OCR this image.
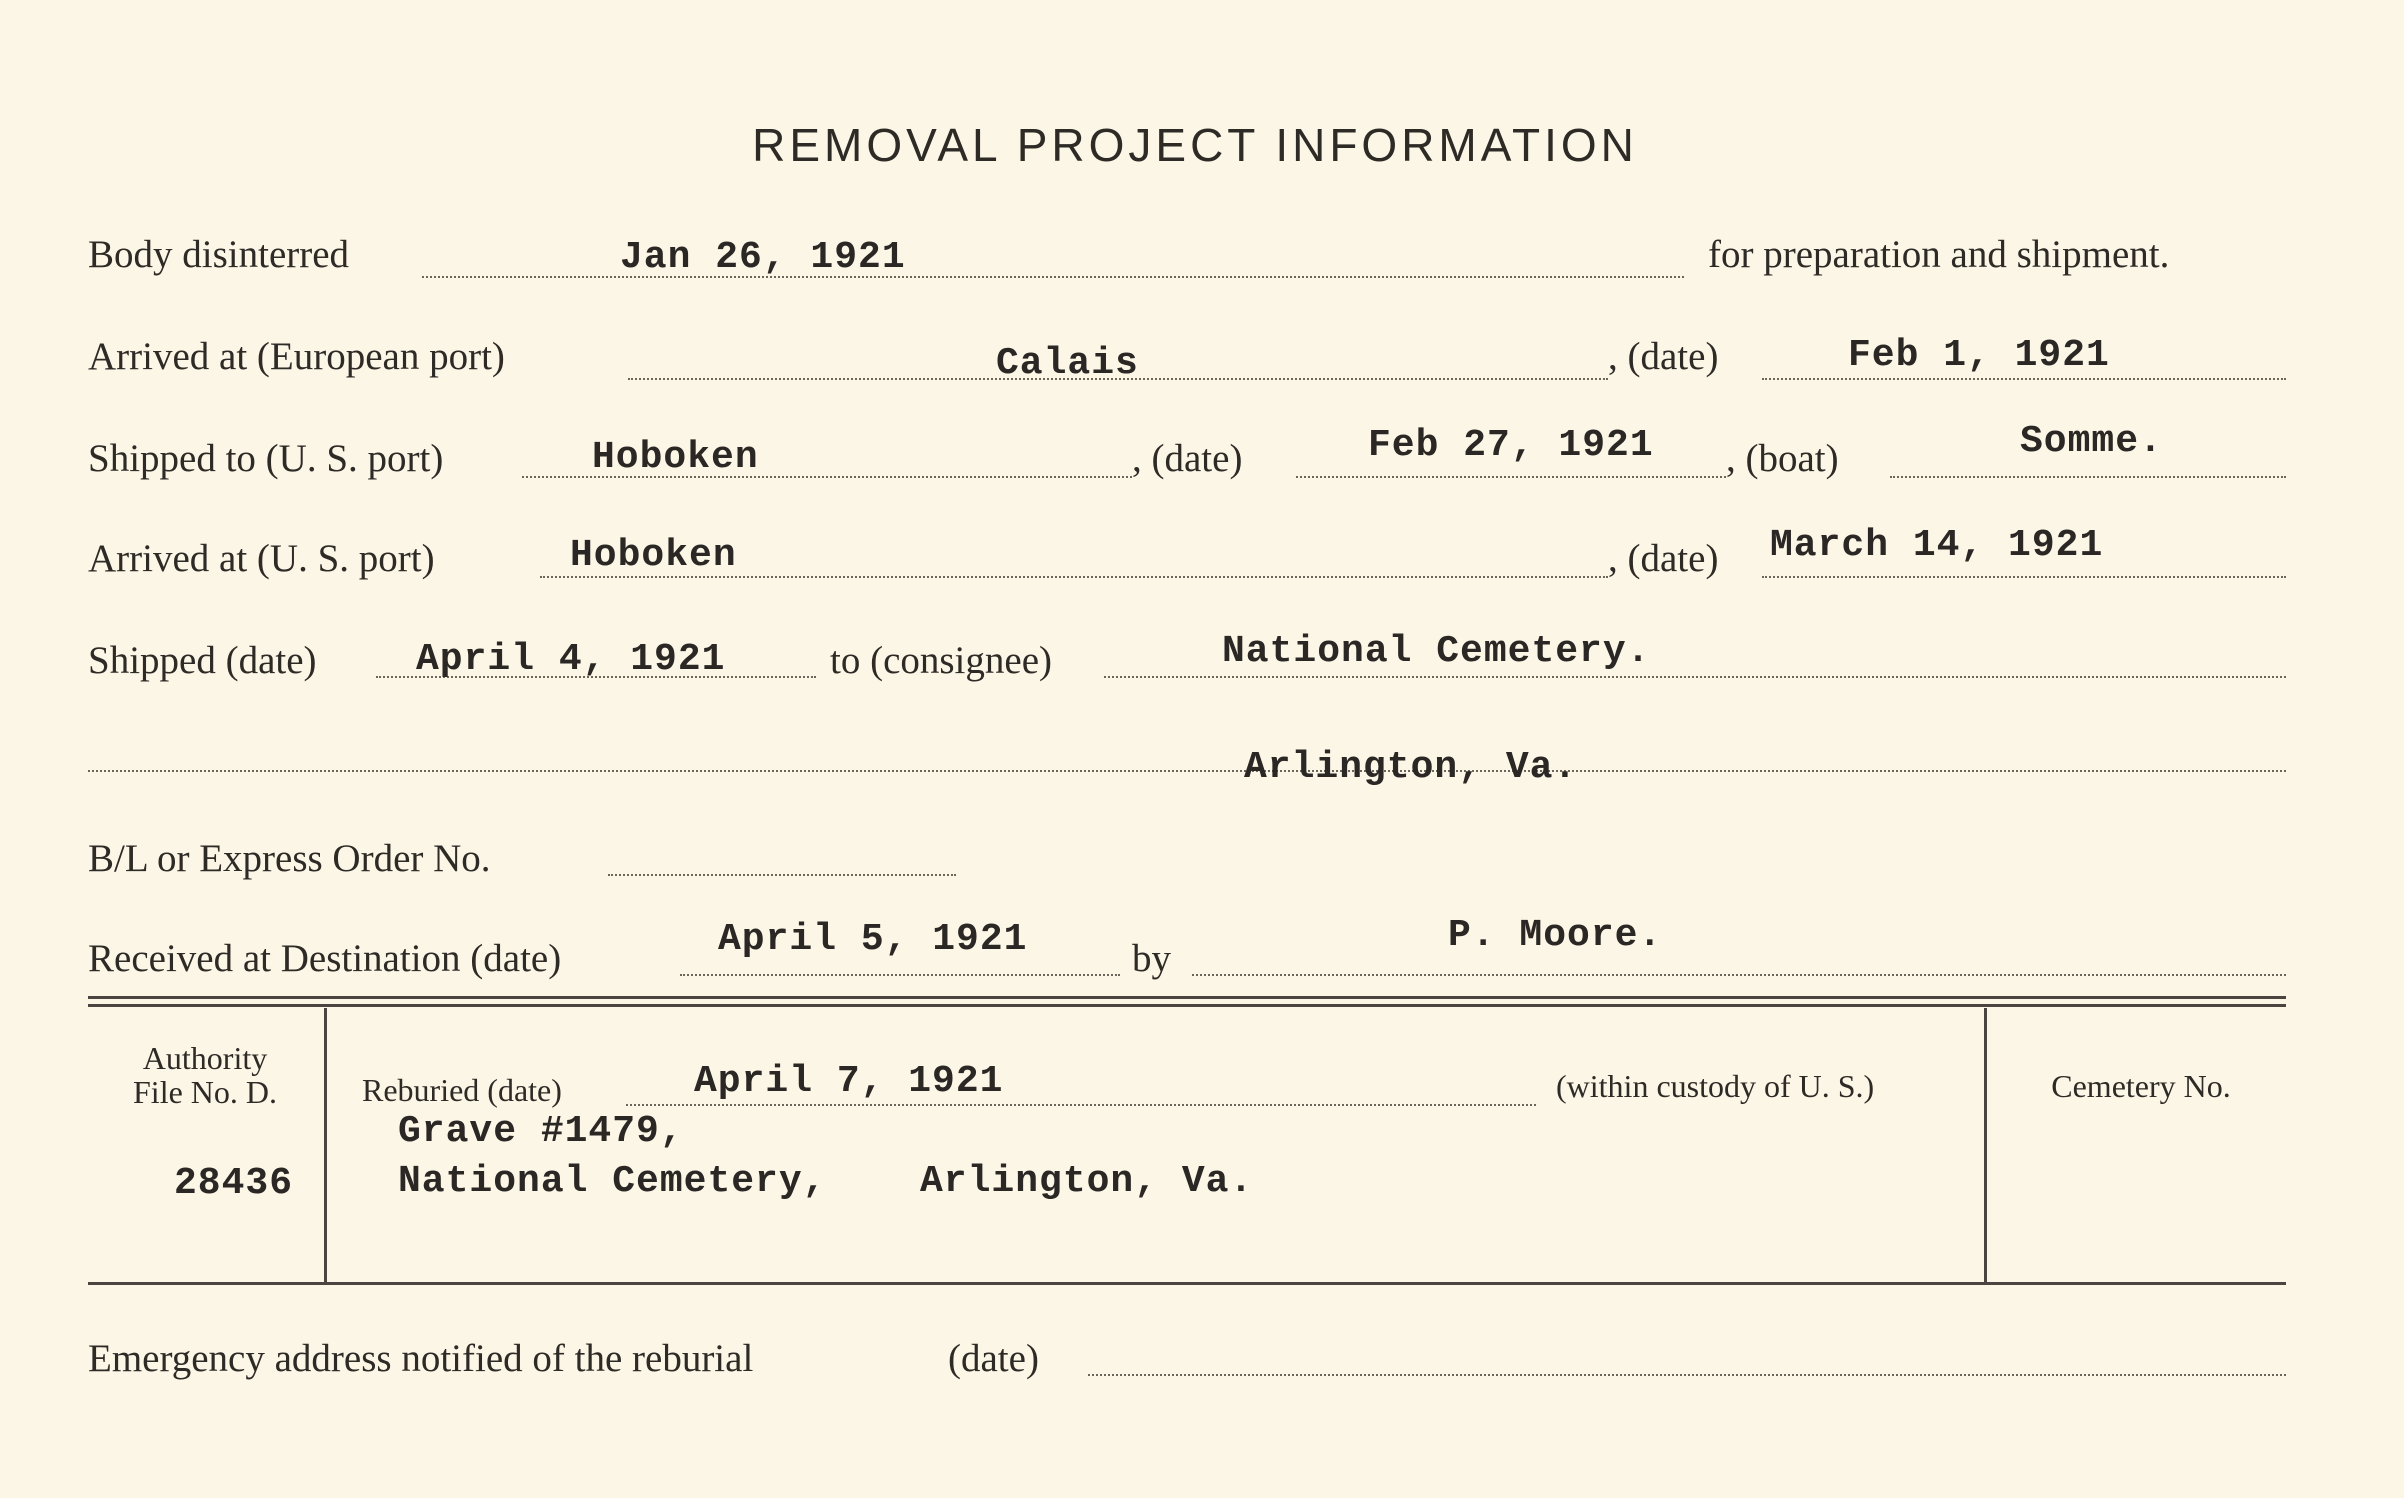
REMOVAL PROJECT INFORMATION
Body disinterred	Jan 26, 1921	for preparation and shipment.
Arrived at (European port)	Calais	, (date)	Feb 1, 1921
Shipped to (U. S. port)	Hoboken	, (date)	Feb 27, 1921 , (boat)	Somme.
Arrived at (U. S. port)	Hoboken	, (date) March 14, 1921
Shipped (date)	April 4, 1921	to (consignee)	National Cemetery.
Arlington, Va.
B/L or Express Order No.
Received at Destination (date)	April 5, 1921	by
P. Moore.
Authority
File No. D.
28436
Reburied (date)	April 7, 1921	(within custody of U. S.)
Grave #1479,
National Cemetery, Arlington, Va.
Cemetery No.
Emergency address notified of the reburial	(date)
